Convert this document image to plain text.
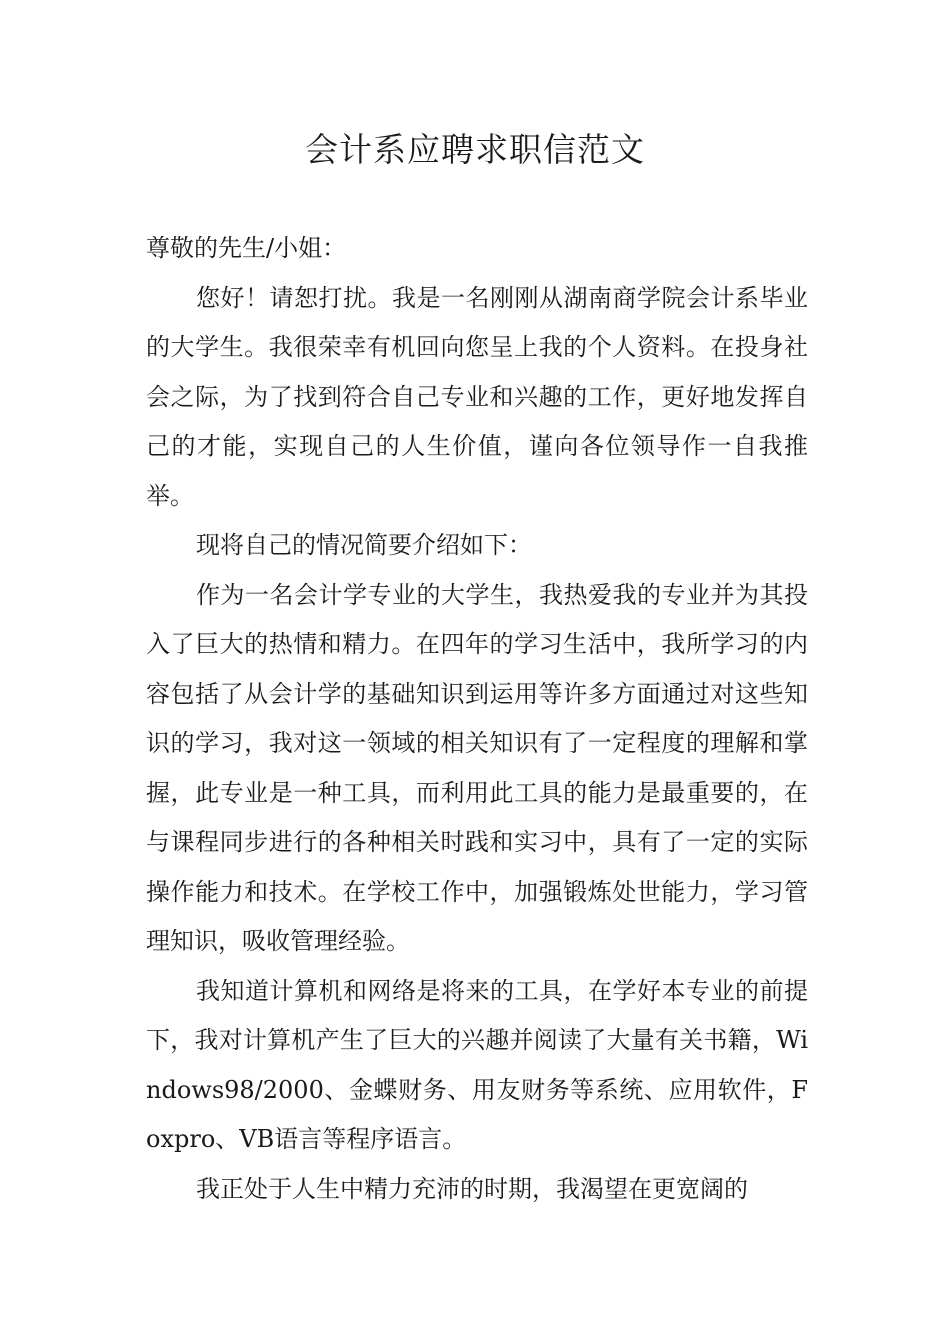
会计系应聘求职信范文

尊敬的先生/小姐：

您好！请恕打扰。我是一名刚刚从湖南商学院会计系毕业的大学生。我很荣幸有机回向您呈上我的个人资料。在投身社会之际，为了找到符合自己专业和兴趣的工作，更好地发挥自己的才能，实现自己的人生价值，谨向各位领导作一自我推举。

现将自己的情况简要介绍如下：

作为一名会计学专业的大学生，我热爱我的专业并为其投入了巨大的热情和精力。在四年的学习生活中，我所学习的内容包括了从会计学的基础知识到运用等许多方面通过对这些知识的学习，我对这一领域的相关知识有了一定程度的理解和掌握，此专业是一种工具，而利用此工具的能力是最重要的，在与课程同步进行的各种相关时践和实习中，具有了一定的实际操作能力和技术。在学校工作中，加强锻炼处世能力，学习管理知识，吸收管理经验。

我知道计算机和网络是将来的工具，在学好本专业的前提下，我对计算机产生了巨大的兴趣并阅读了大量有关书籍，Windows98/2000、金蝶财务、用友财务等系统、应用软件，Foxpro、VB语言等程序语言。

我正处于人生中精力充沛的时期，我渴望在更宽阔的
